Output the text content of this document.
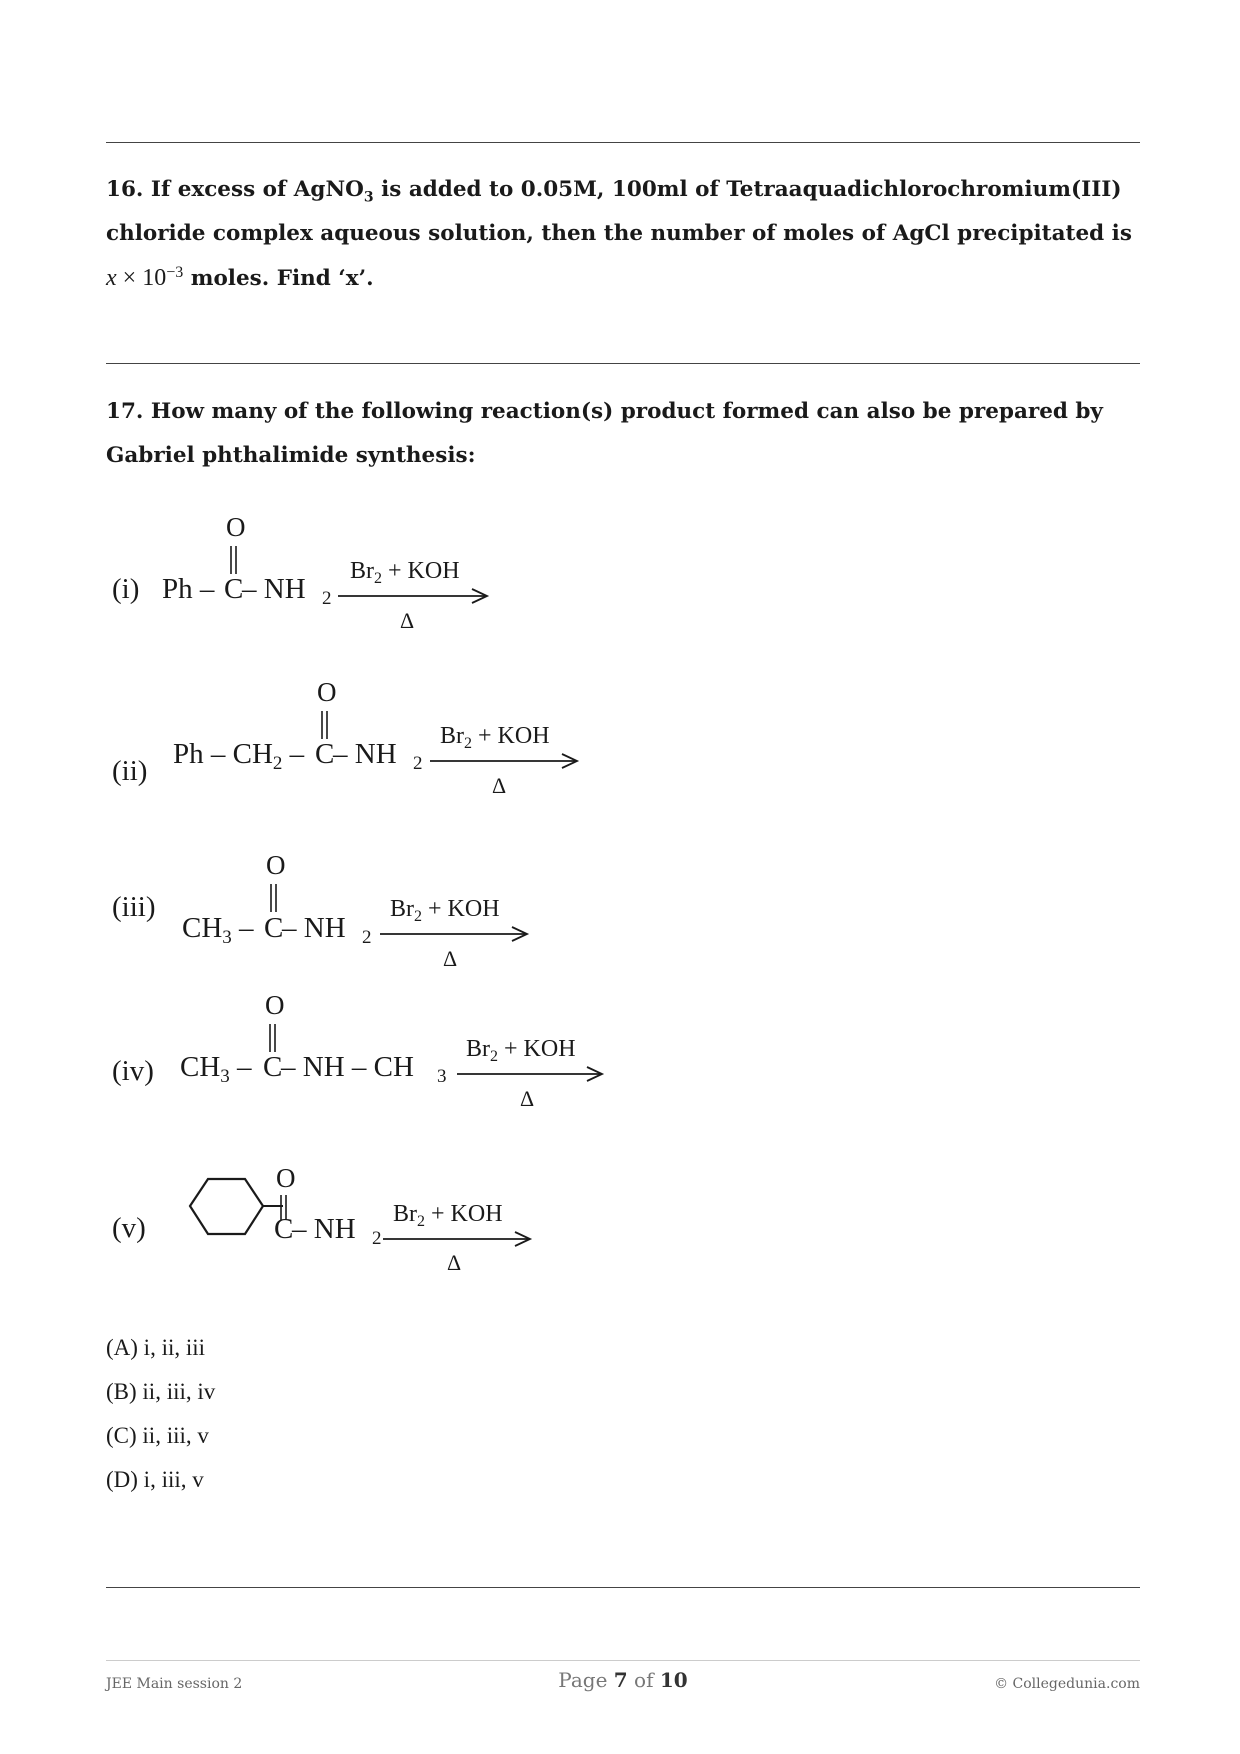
16. If excess of AgNO$_3$ is added to 0.05M, 100ml of Tetraaquadichlorochromium(III) chloride complex aqueous solution, then the number of moles of AgCl precipitated is $x \times 10^{-3}$ moles. Find ‘x’.
17. How many of the following reaction(s) product formed can also be prepared by Gabriel phthalimide synthesis:
(i) Ph –
O
C
– NH 2
$Br_2$ + KOH
Δ
(ii)
Ph – $CH_2$ –
O
C
– NH 2
$Br_2$ + KOH
Δ
(iii)
$CH_3$ –
O
C
– NH 2
$Br_2$ + KOH
Δ
(iv) $CH_3$ –
O
C
– NH – CH 3
$Br_2$ + KOH
Δ
(v)
O
C
– NH 2
$Br_2$ + KOH
Δ
(A) i, ii, iii
(B) ii, iii, iv
(C) ii, iii, v
(D) i, iii, v
JEE Main session 2	Page 7 of 10	© Collegedunia.com
